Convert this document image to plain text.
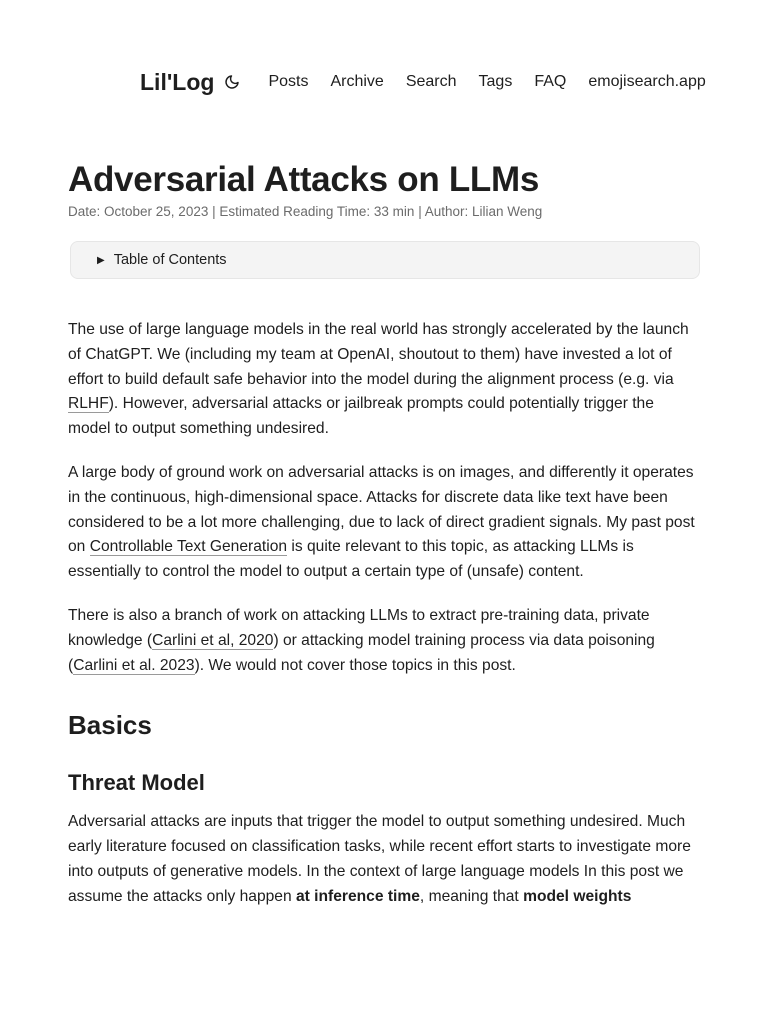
Lil'Log	Posts Archive Search Tags FAQ emojisearch.app
Adversarial Attacks on LLMs
Date: October 25, 2023 | Estimated Reading Time: 33 min | Author: Lilian Weng
▶ Table of Contents

The use of large language models in the real world has strongly accelerated by the launch of ChatGPT. We (including my team at OpenAI, shoutout to them) have invested a lot of effort to build default safe behavior into the model during the alignment process (e.g. via RLHF). However, adversarial attacks or jailbreak prompts could potentially trigger the model to output something undesired.

A large body of ground work on adversarial attacks is on images, and differently it operates in the continuous, high-dimensional space. Attacks for discrete data like text have been considered to be a lot more challenging, due to lack of direct gradient signals. My past post on Controllable Text Generation is quite relevant to this topic, as attacking LLMs is essentially to control the model to output a certain type of (unsafe) content.

There is also a branch of work on attacking LLMs to extract pre-training data, private knowledge (Carlini et al, 2020) or attacking model training process via data poisoning (Carlini et al. 2023). We would not cover those topics in this post.

Basics
Threat Model

Adversarial attacks are inputs that trigger the model to output something undesired. Much early literature focused on classification tasks, while recent effort starts to investigate more into outputs of generative models. In the context of large language models In this post we assume the attacks only happen at inference time, meaning that model weights
